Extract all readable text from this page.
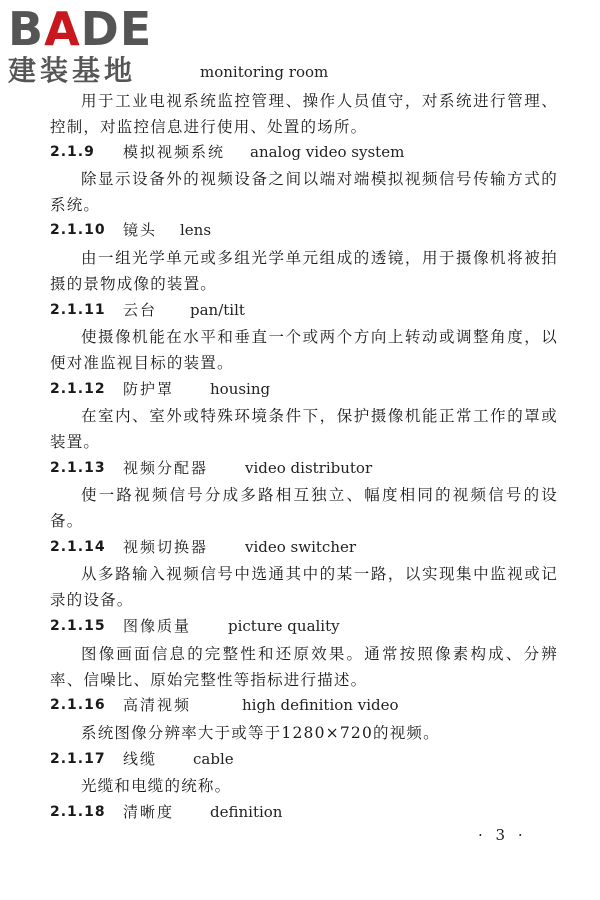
BADE
建装基地	monitoring room
用于工业电视系统监控管理、操作人员值守，对系统进行管理、控制，对监控信息进行使用、处置的场所。
2.1.9 模拟视频系统 analog video system
除显示设备外的视频设备之间以端对端模拟视频信号传输方式的系统。
2.1.10 镜头 lens
由一组光学单元或多组光学单元组成的透镜，用于摄像机将被拍摄的景物成像的装置。
2.1.11 云台 pan/tilt
使摄像机能在水平和垂直一个或两个方向上转动或调整角度，以便对准监视目标的装置。
2.1.12 防护罩 housing
在室内、室外或特殊环境条件下，保护摄像机能正常工作的罩或装置。
2.1.13 视频分配器 video distributor
使一路视频信号分成多路相互独立、幅度相同的视频信号的设备。
2.1.14 视频切换器 video switcher
从多路输入视频信号中选通其中的某一路，以实现集中监视或记录的设备。
2.1.15 图像质量 picture quality
图像画面信息的完整性和还原效果。通常按照像素构成、分辨率、信噪比、原始完整性等指标进行描述。
2.1.16 高清视频	high definition video
系统图像分辨率大于或等于1280×720的视频。
2.1.17 线缆 cable
光缆和电缆的统称。
2.1.18 清晰度 definition
· 3 ·
